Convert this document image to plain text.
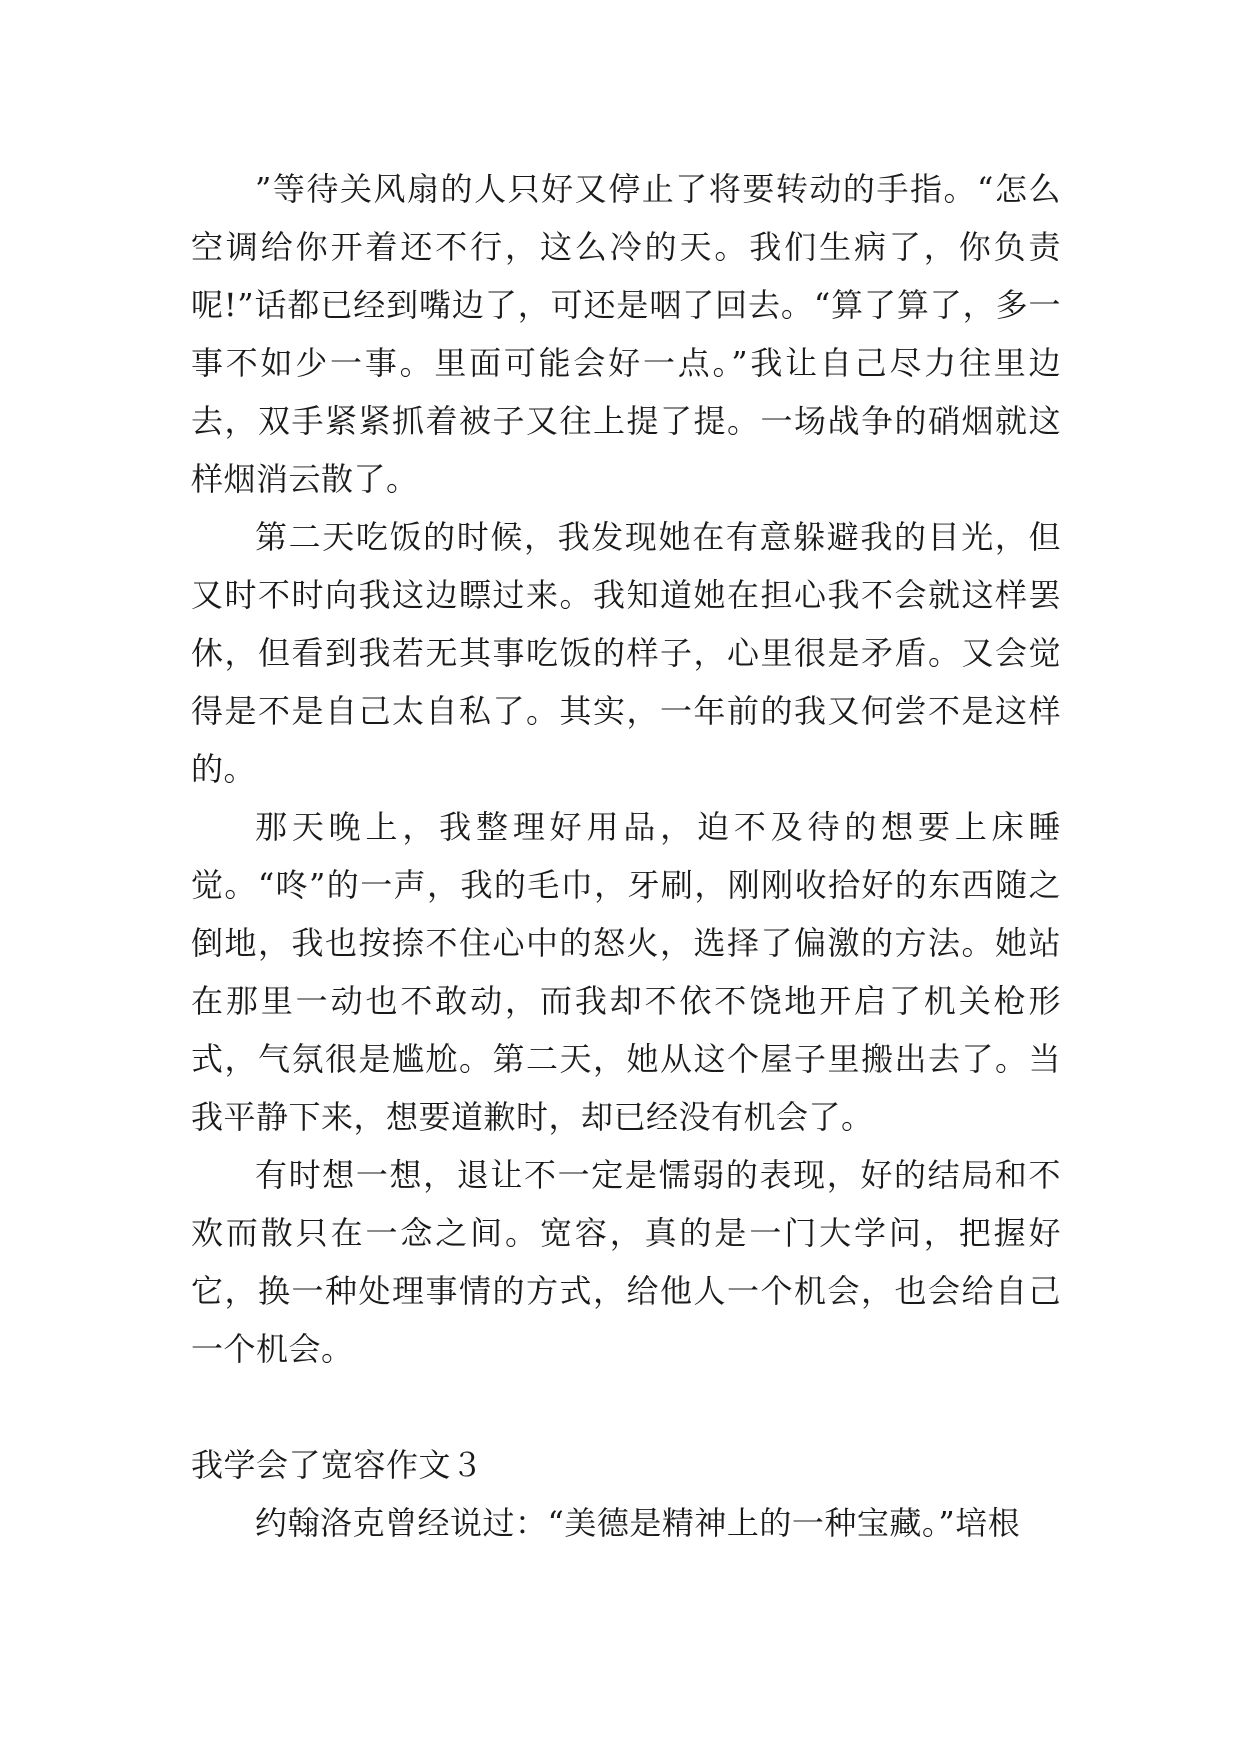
”等待关风扇的人只好又停止了将要转动的手指。“怎么空调给你开着还不行，这么冷的天。我们生病了，你负责呢!”话都已经到嘴边了，可还是咽了回去。“算了算了，多一事不如少一事。里面可能会好一点。”我让自己尽力往里边去，双手紧紧抓着被子又往上提了提。一场战争的硝烟就这样烟消云散了。

第二天吃饭的时候，我发现她在有意躲避我的目光，但又时不时向我这边瞟过来。我知道她在担心我不会就这样罢休，但看到我若无其事吃饭的样子，心里很是矛盾。又会觉得是不是自己太自私了。其实，一年前的我又何尝不是这样的。

那天晚上，我整理好用品，迫不及待的想要上床睡觉。“咚”的一声，我的毛巾，牙刷，刚刚收拾好的东西随之倒地，我也按捺不住心中的怒火，选择了偏激的方法。她站在那里一动也不敢动，而我却不依不饶地开启了机关枪形式，气氛很是尴尬。第二天，她从这个屋子里搬出去了。当我平静下来，想要道歉时，却已经没有机会了。

有时想一想，退让不一定是懦弱的表现，好的结局和不欢而散只在一念之间。宽容，真的是一门大学问，把握好它，换一种处理事情的方式，给他人一个机会，也会给自己一个机会。

我学会了宽容作文３

约翰洛克曾经说过：“美德是精神上的一种宝藏。”培根
